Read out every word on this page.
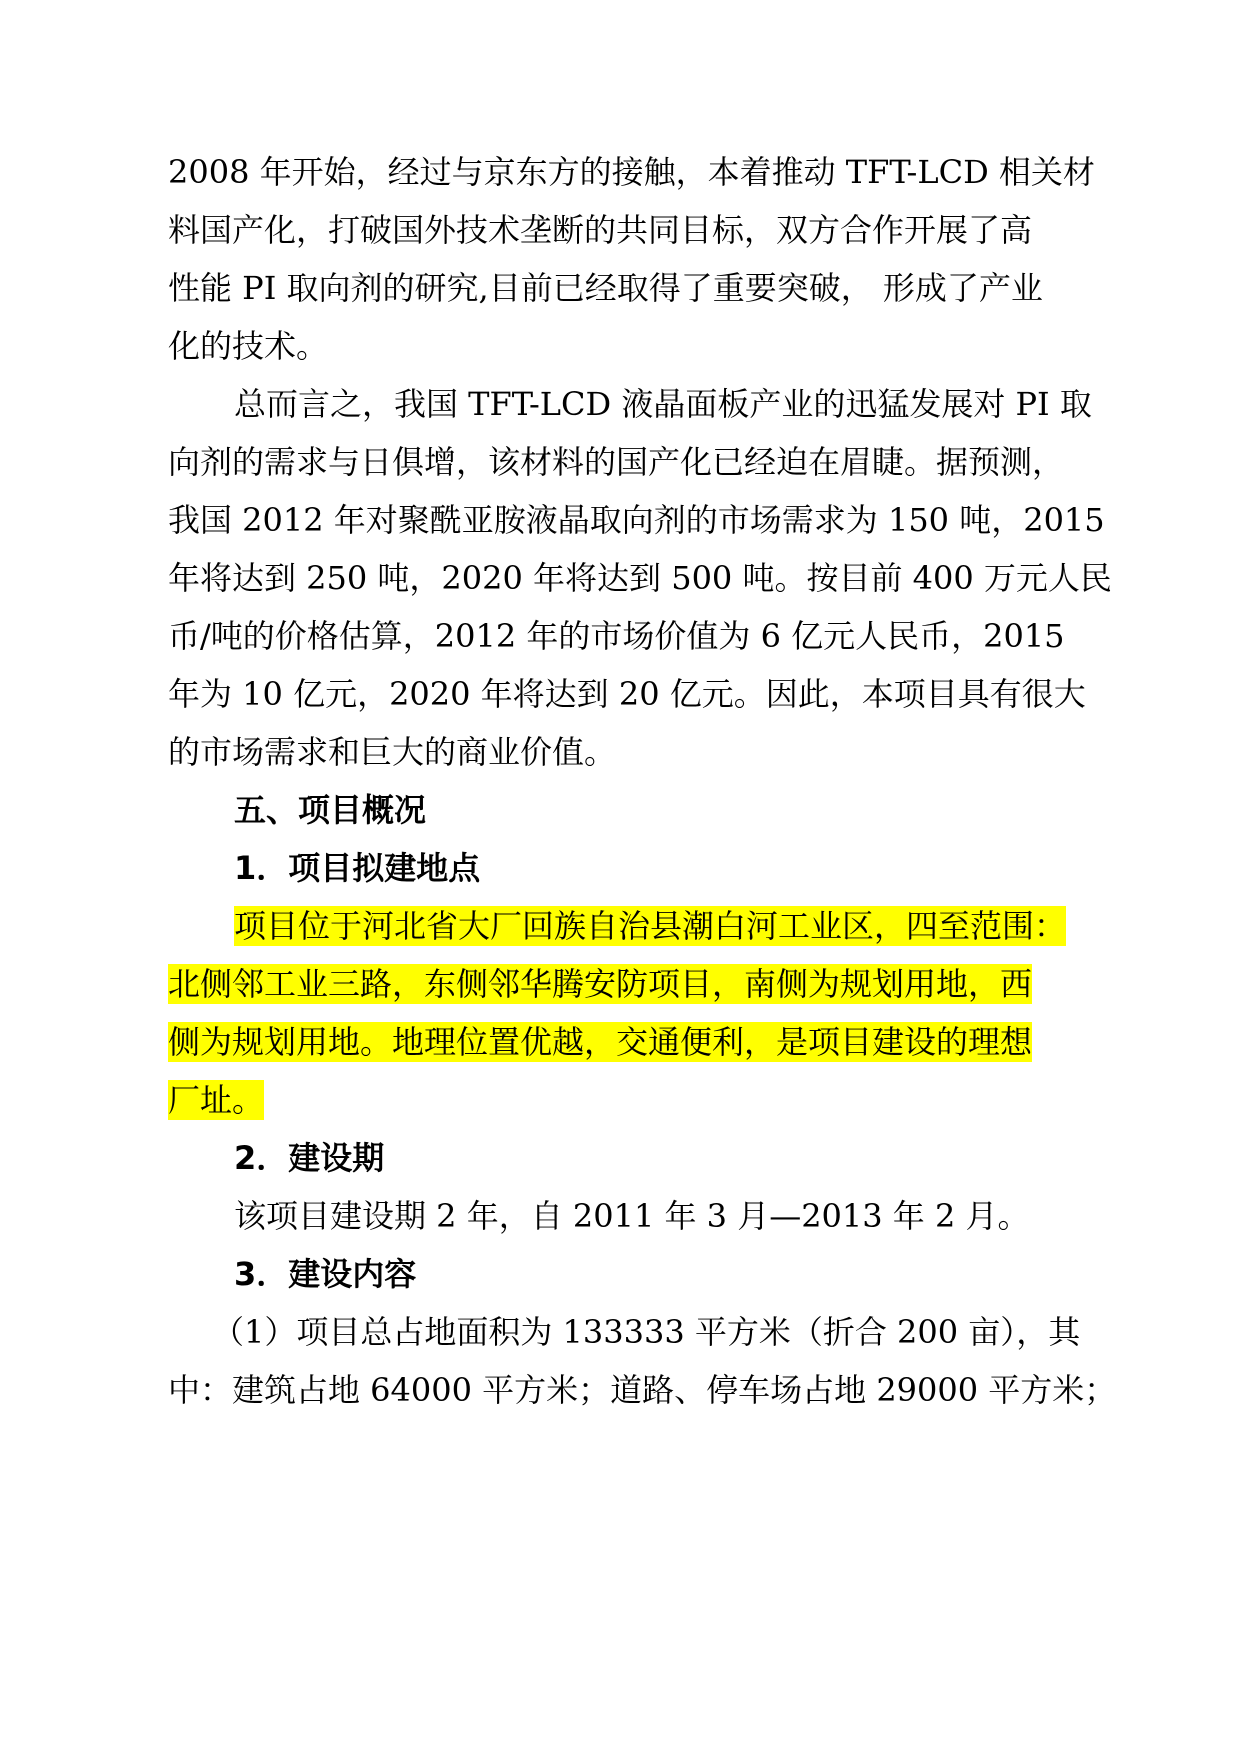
2008 年开始，经过与京东方的接触，本着推动 TFT-LCD 相关材
料国产化，打破国外技术垄断的共同目标，双方合作开展了高
性能 PI 取向剂的研究,目前已经取得了重要突破， 形成了产业
化的技术。
总而言之，我国 TFT-LCD 液晶面板产业的迅猛发展对 PI 取
向剂的需求与日俱增，该材料的国产化已经迫在眉睫。据预测，
我国 2012 年对聚酰亚胺液晶取向剂的市场需求为 150 吨，2015
年将达到 250 吨，2020 年将达到 500 吨。按目前 400 万元人民
币/吨的价格估算，2012 年的市场价值为 6 亿元人民币，2015
年为 10 亿元，2020 年将达到 20 亿元。因此，本项目具有很大
的市场需求和巨大的商业价值。
五、项目概况
1．项目拟建地点
项目位于河北省大厂回族自治县潮白河工业区，四至范围：
北侧邻工业三路，东侧邻华腾安防项目，南侧为规划用地，西
侧为规划用地。地理位置优越，交通便利，是项目建设的理想
厂址。
2．建设期
该项目建设期 2 年，自 2011 年 3 月—2013 年 2 月。
3．建设内容
（1）项目总占地面积为 133333 平方米（折合 200 亩），其
中：建筑占地 64000 平方米；道路、停车场占地 29000 平方米；
